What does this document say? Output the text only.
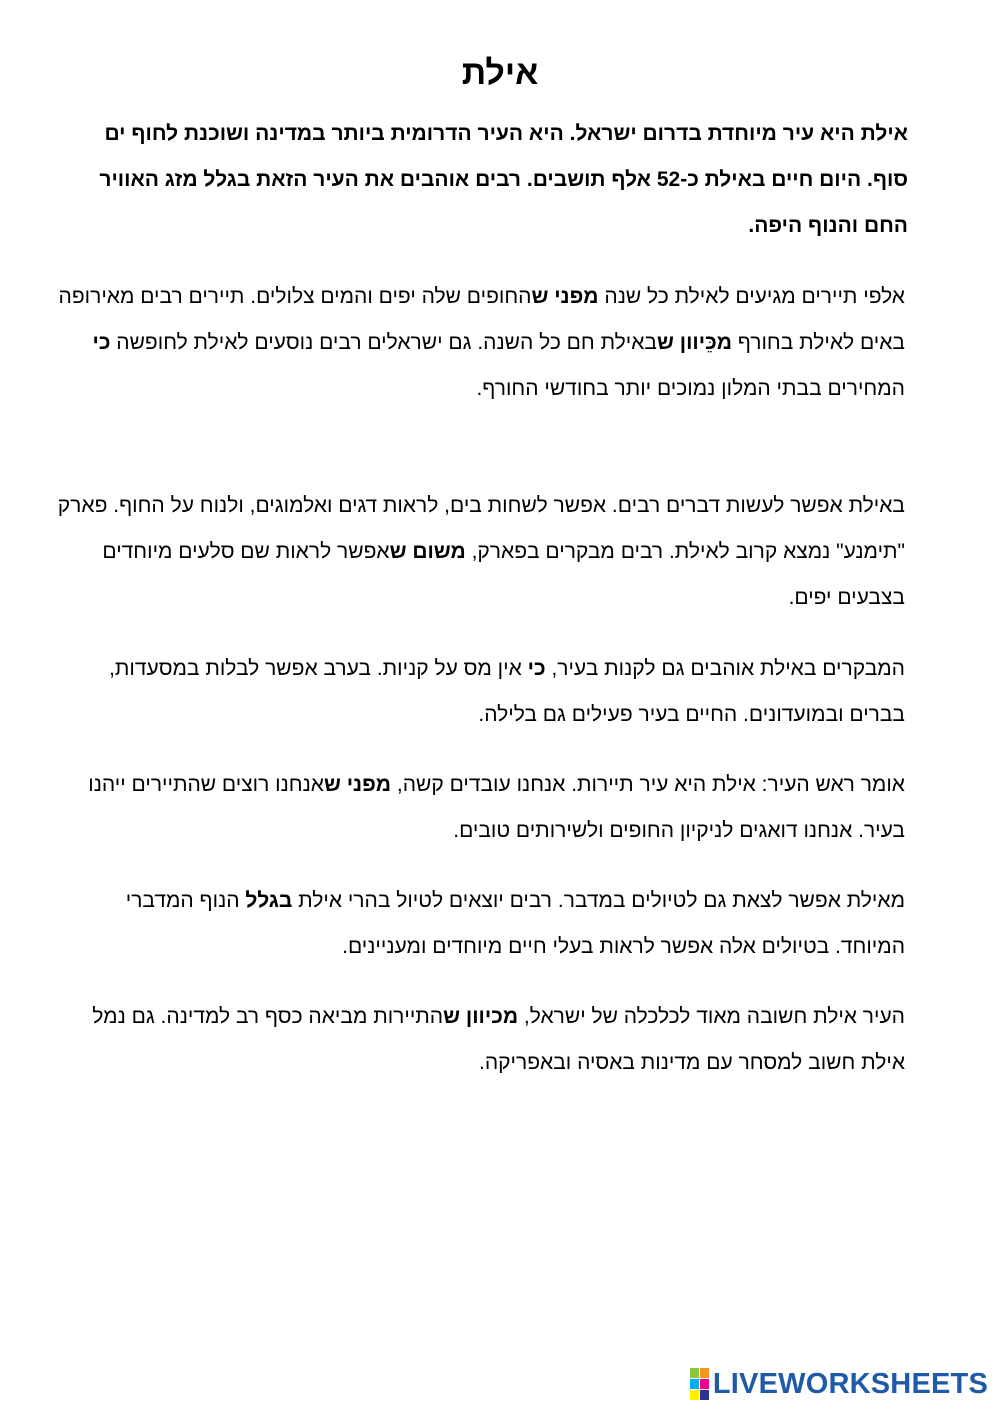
אילת

אילת היא עיר מיוחדת בדרום ישראל. היא העיר הדרומית ביותר במדינה ושוכנת לחוף ים סוף. היום חיים באילת כ-52 אלף תושבים. רבים אוהבים את העיר הזאת בגלל מזג האוויר החם והנוף היפה.

אלפי תיירים מגיעים לאילת כל שנה מפני שהחופים שלה יפים והמים צלולים. תיירים רבים מאירופה באים לאילת בחורף מכֵּיוון שבאילת חם כל השנה. גם ישראלים רבים נוסעים לאילת לחופשה כי המחירים בבתי המלון נמוכים יותר בחודשי החורף.

באילת אפשר לעשות דברים רבים. אפשר לשחות בים, לראות דגים ואלמוגים, ולנוח על החוף. פארק "תימנע" נמצא קרוב לאילת. רבים מבקרים בפארק, משום שאפשר לראות שם סלעים מיוחדים בצבעים יפים.

המבקרים באילת אוהבים גם לקנות בעיר, כי אין מס על קניות. בערב אפשר לבלות במסעדות, בברים ובמועדונים. החיים בעיר פעילים גם בלילה.

אומר ראש העיר: אילת היא עיר תיירות. אנחנו עובדים קשה, מפני שאנחנו רוצים שהתיירים ייהנו בעיר. אנחנו דואגים לניקיון החופים ולשירותים טובים.

מאילת אפשר לצאת גם לטיולים במדבר. רבים יוצאים לטיול בהרי אילת בגלל הנוף המדברי המיוחד. בטיולים אלה אפשר לראות בעלי חיים מיוחדים ומעניינים.

העיר אילת חשובה מאוד לכלכלה של ישראל, מכיוון שהתיירות מביאה כסף רב למדינה. גם נמל אילת חשוב למסחר עם מדינות באסיה ובאפריקה.

LIVEWORKSHEETS
